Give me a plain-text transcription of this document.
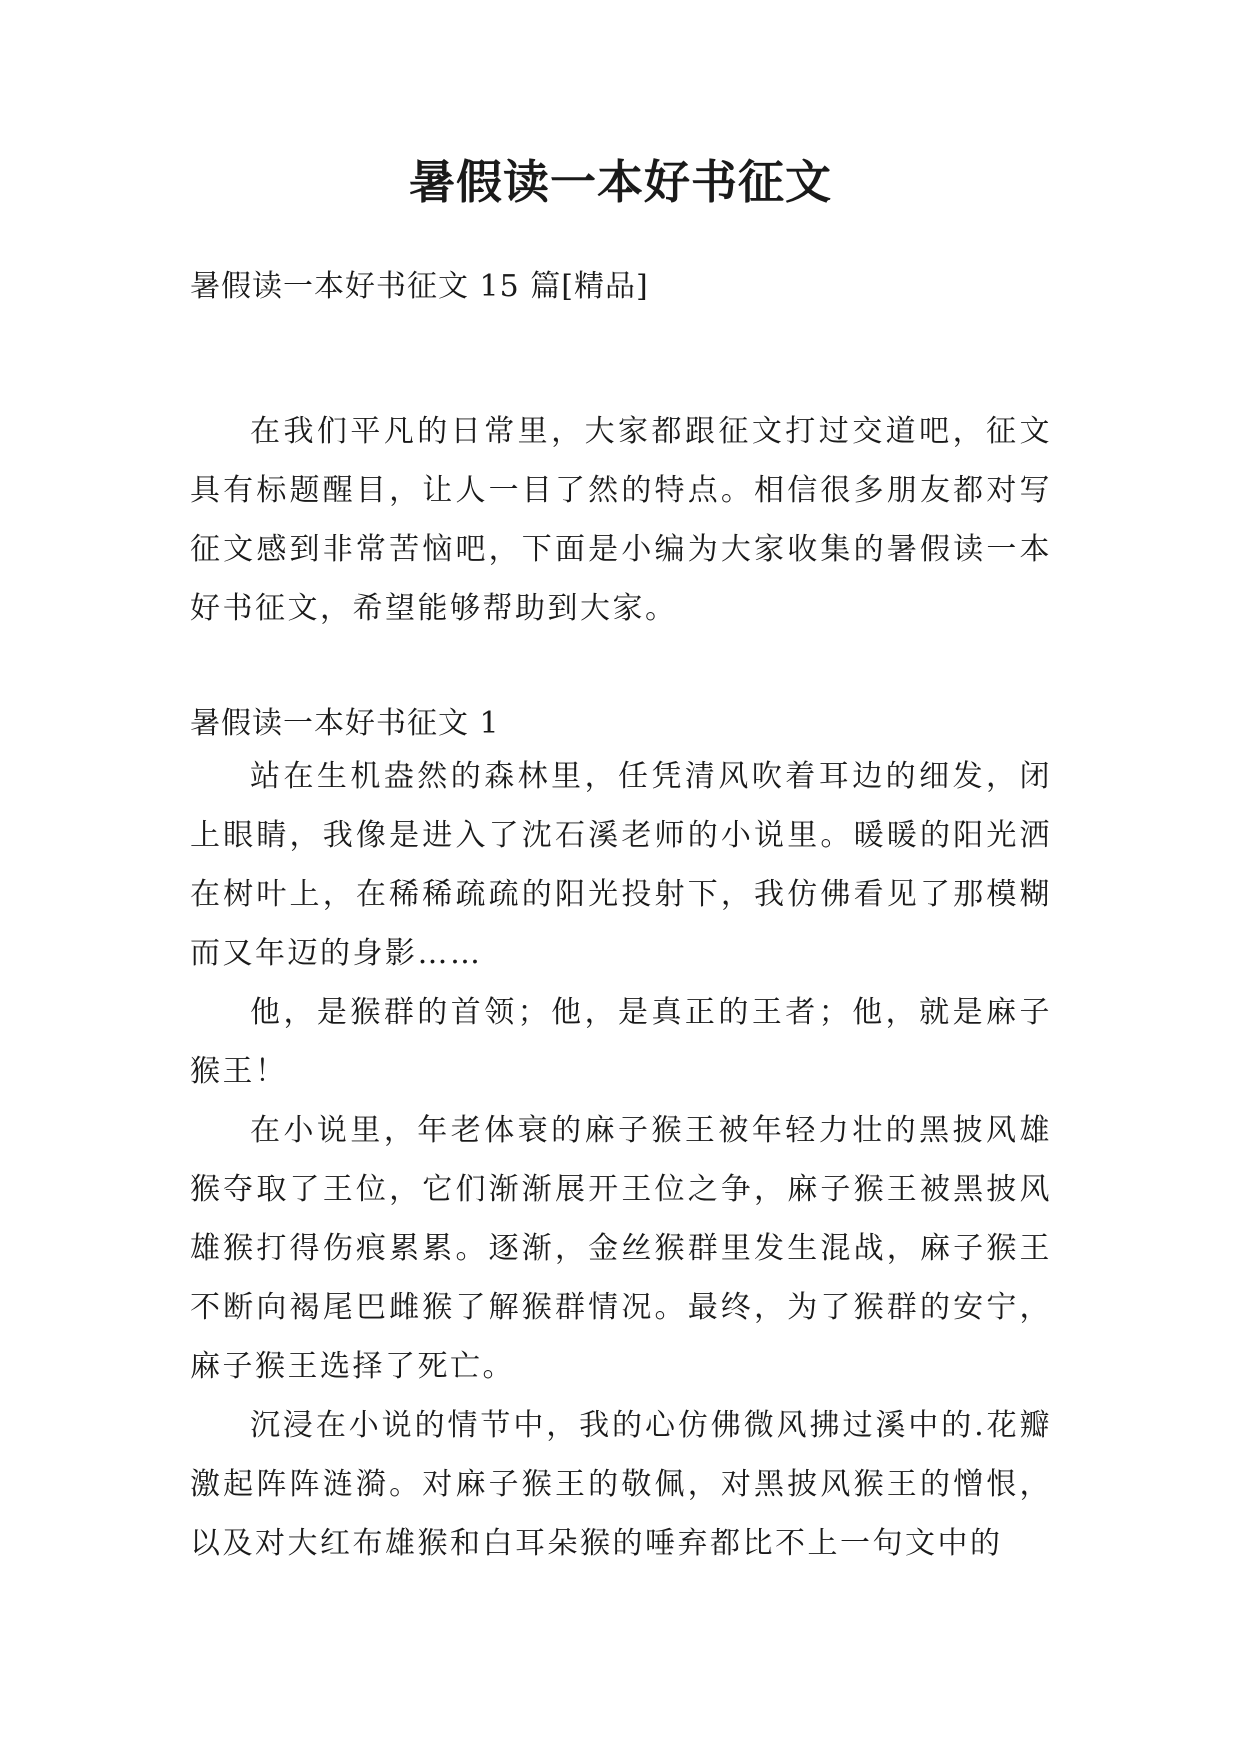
暑假读一本好书征文
暑假读一本好书征文 15 篇[精品]

在我们平凡的日常里，大家都跟征文打过交道吧，征文具有标题醒目，让人一目了然的特点。相信很多朋友都对写征文感到非常苦恼吧，下面是小编为大家收集的暑假读一本好书征文，希望能够帮助到大家。

暑假读一本好书征文 1

站在生机盎然的森林里，任凭清风吹着耳边的细发，闭上眼睛，我像是进入了沈石溪老师的小说里。暖暖的阳光洒在树叶上，在稀稀疏疏的阳光投射下，我仿佛看见了那模糊而又年迈的身影……

他，是猴群的首领；他，是真正的王者；他，就是麻子猴王！

在小说里，年老体衰的麻子猴王被年轻力壮的黑披风雄猴夺取了王位，它们渐渐展开王位之争，麻子猴王被黑披风雄猴打得伤痕累累。逐渐，金丝猴群里发生混战，麻子猴王不断向褐尾巴雌猴了解猴群情况。最终，为了猴群的安宁，麻子猴王选择了死亡。

沉浸在小说的情节中，我的心仿佛微风拂过溪中的.花瓣激起阵阵涟漪。对麻子猴王的敬佩，对黑披风猴王的憎恨，以及对大红布雄猴和白耳朵猴的唾弃都比不上一句文中的
